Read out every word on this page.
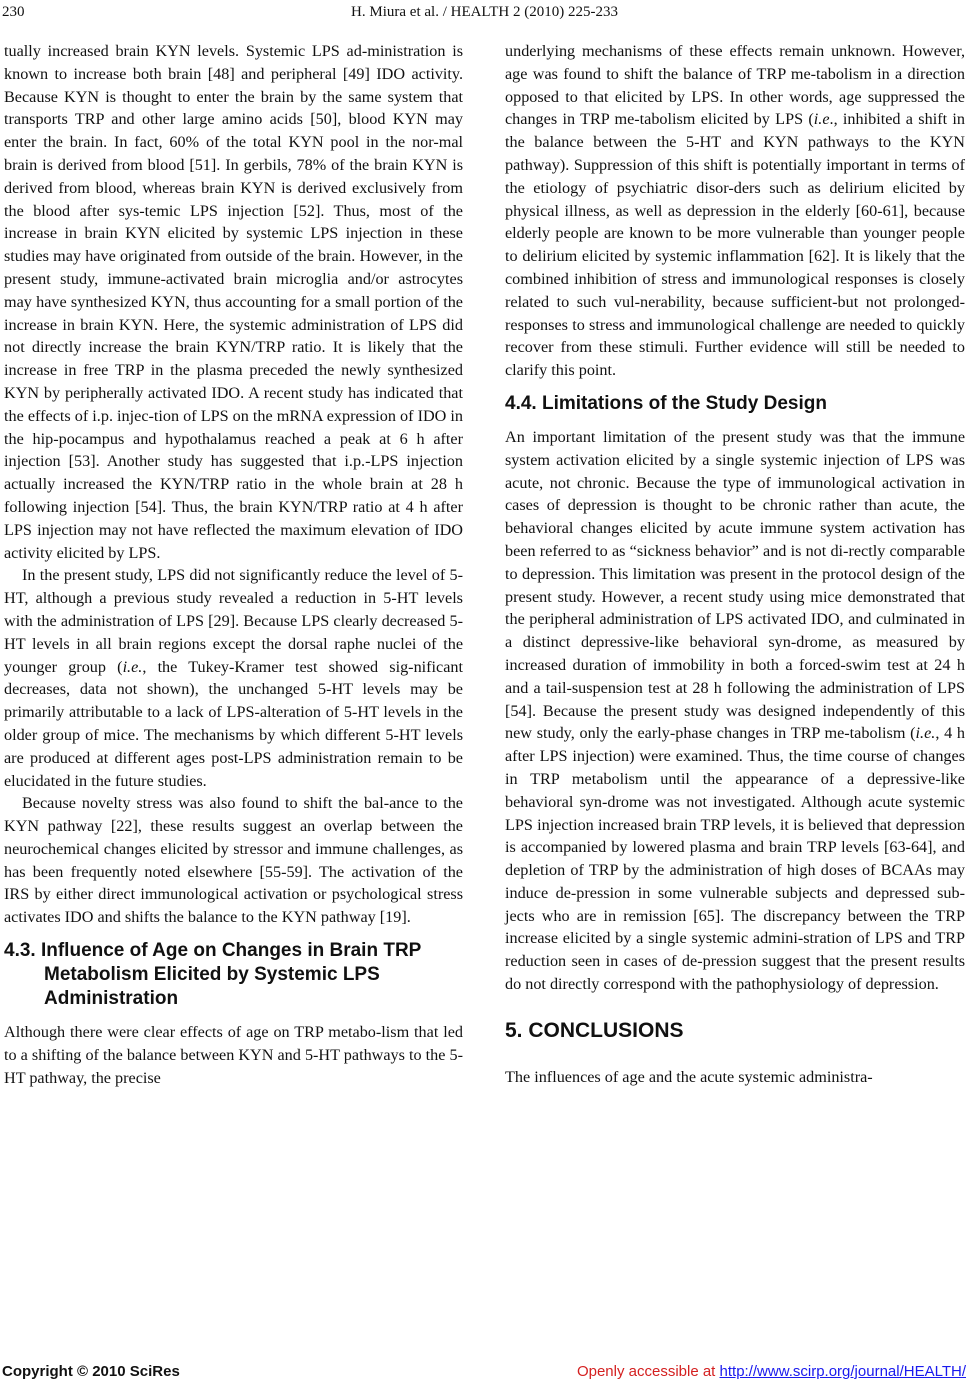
230	H. Miura et al. / HEALTH 2 (2010) 225-233

tually increased brain KYN levels. Systemic LPS ad-ministration is known to increase both brain [48] and peripheral [49] IDO activity. Because KYN is thought to enter the brain by the same system that transports TRP and other large amino acids [50], blood KYN may enter the brain. In fact, 60% of the total KYN pool in the nor-mal brain is derived from blood [51]. In gerbils, 78% of the brain KYN is derived from blood, whereas brain KYN is derived exclusively from the blood after sys-temic LPS injection [52]. Thus, most of the increase in brain KYN elicited by systemic LPS injection in these studies may have originated from outside of the brain. However, in the present study, immune-activated brain microglia and/or astrocytes may have synthesized KYN, thus accounting for a small portion of the increase in brain KYN. Here, the systemic administration of LPS did not directly increase the brain KYN/TRP ratio. It is likely that the increase in free TRP in the plasma preceded the newly synthesized KYN by peripherally activated IDO. A recent study has indicated that the effects of i.p. injec-tion of LPS on the mRNA expression of IDO in the hip-pocampus and hypothalamus reached a peak at 6 h after injection [53]. Another study has suggested that i.p.-LPS injection actually increased the KYN/TRP ratio in the whole brain at 28 h following injection [54]. Thus, the brain KYN/TRP ratio at 4 h after LPS injection may not have reflected the maximum elevation of IDO activity elicited by LPS.

In the present study, LPS did not significantly reduce the level of 5-HT, although a previous study revealed a reduction in 5-HT levels with the administration of LPS [29]. Because LPS clearly decreased 5-HT levels in all brain regions except the dorsal raphe nuclei of the younger group (i.e., the Tukey-Kramer test showed sig-nificant decreases, data not shown), the unchanged 5-HT levels may be primarily attributable to a lack of LPS-alteration of 5-HT levels in the older group of mice. The mechanisms by which different 5-HT levels are produced at different ages post-LPS administration remain to be elucidated in the future studies.

Because novelty stress was also found to shift the bal-ance to the KYN pathway [22], these results suggest an overlap between the neurochemical changes elicited by stressor and immune challenges, as has been frequently noted elsewhere [55-59]. The activation of the IRS by either direct immunological activation or psychological stress activates IDO and shifts the balance to the KYN pathway [19].

4.3. Influence of Age on Changes in Brain TRP Metabolism Elicited by Systemic LPS Administration

Although there were clear effects of age on TRP metabo-lism that led to a shifting of the balance between KYN and 5-HT pathways to the 5-HT pathway, the precise

underlying mechanisms of these effects remain unknown. However, age was found to shift the balance of TRP me-tabolism in a direction opposed to that elicited by LPS. In other words, age suppressed the changes in TRP me-tabolism elicited by LPS (i.e., inhibited a shift in the balance between the 5-HT and KYN pathways to the KYN pathway). Suppression of this shift is potentially important in terms of the etiology of psychiatric disor-ders such as delirium elicited by physical illness, as well as depression in the elderly [60-61], because elderly people are known to be more vulnerable than younger people to delirium elicited by systemic inflammation [62]. It is likely that the combined inhibition of stress and immunological responses is closely related to such vul-nerability, because sufficient-but not prolonged-responses to stress and immunological challenge are needed to quickly recover from these stimuli. Further evidence will still be needed to clarify this point.

4.4. Limitations of the Study Design

An important limitation of the present study was that the immune system activation elicited by a single systemic injection of LPS was acute, not chronic. Because the type of immunological activation in cases of depression is thought to be chronic rather than acute, the behavioral changes elicited by acute immune system activation has been referred to as “sickness behavior” and is not di-rectly comparable to depression. This limitation was present in the protocol design of the present study. However, a recent study using mice demonstrated that the peripheral administration of LPS activated IDO, and culminated in a distinct depressive-like behavioral syn-drome, as measured by increased duration of immobility in both a forced-swim test at 24 h and a tail-suspension test at 28 h following the administration of LPS [54]. Because the present study was designed independently of this new study, only the early-phase changes in TRP me-tabolism (i.e., 4 h after LPS injection) were examined. Thus, the time course of changes in TRP metabolism until the appearance of a depressive-like behavioral syn-drome was not investigated. Although acute systemic LPS injection increased brain TRP levels, it is believed that depression is accompanied by lowered plasma and brain TRP levels [63-64], and depletion of TRP by the administration of high doses of BCAAs may induce de-pression in some vulnerable subjects and depressed sub-jects who are in remission [65]. The discrepancy between the TRP increase elicited by a single systemic admini-stration of LPS and TRP reduction seen in cases of de-pression suggest that the present results do not directly correspond with the pathophysiology of depression.

5. CONCLUSIONS

The influences of age and the acute systemic administra-

Copyright © 2010 SciRes	Openly accessible at http://www.scirp.org/journal/HEALTH/
